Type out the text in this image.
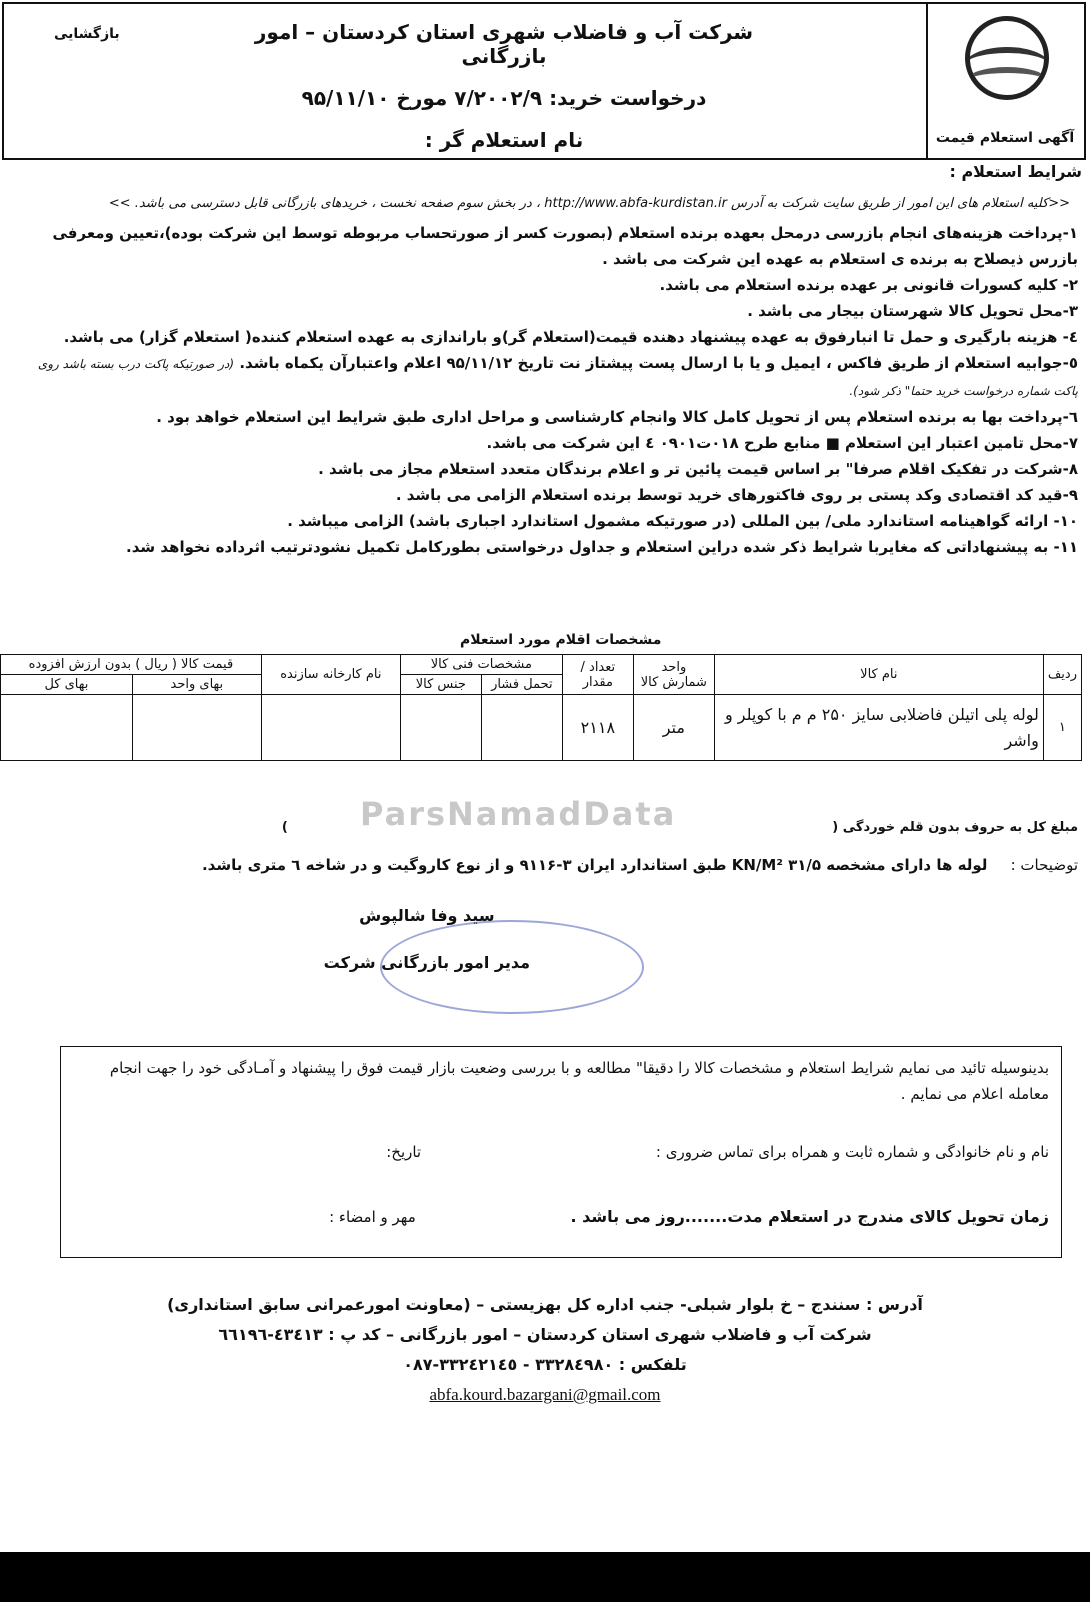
آگهی استعلام قیمت
شرکت آب و فاضلاب شهری استان کردستان – امور بازرگانی
درخواست خرید: ۷/۲۰۰۲/۹ مورخ ۹۵/۱۱/۱۰
نام استعلام گر :
بازگشایی
شرایط استعلام :
<<کلیه استعلام های این امور از طریق سایت شرکت به آدرس http://www.abfa-kurdistan.ir ، در بخش سوم صفحه نخست ، خریدهای بازرگانی قابل دسترسی می باشد. >>

۱-پرداخت هزینه‌های انجام بازرسی درمحل بعهده برنده استعلام (بصورت کسر از صورتحساب مربوطه توسط این شرکت بوده)،تعیین ومعرفی بازرس ذیصلاح به برنده ی استعلام به عهده این شرکت می باشد .

۲- کلیه کسورات قانونی بر عهده برنده استعلام می باشد.

۳-محل تحویل کالا شهرستان بیجار می باشد .

٤- هزینه بارگیری و حمل تا انبارفوق به عهده پیشنهاد دهنده قیمت(استعلام گر)و باراندازی به عهده استعلام کننده( استعلام گزار) می باشد.

٥-جوابیه استعلام از طریق فاکس ، ایمیل و یا با ارسال پست پیشتاز نت تاریخ ۹۵/۱۱/۱۲ اعلام واعتبارآن یکماه باشد. (در صورتیکه پاکت درب بسته باشد روی پاکت شماره درخواست خرید حتما" ذکر شود).

٦-پرداخت بها به برنده استعلام پس از تحویل کامل کالا وانجام کارشناسی و مراحل اداری طبق شرایط این استعلام خواهد بود .

٧-محل تامین اعتبار این استعلام ■ منابع طرح ۰۱۸ت۰۹۰۱ ٤ این شرکت می باشد.

٨-شرکت در تفکیک اقلام صرفا" بر اساس قیمت پائین تر و اعلام برندگان متعدد استعلام مجاز می باشد .

٩-قید کد اقتصادی وکد پستی بر روی فاکتورهای خرید توسط برنده استعلام الزامی می باشد .

١٠- ارائه گواهینامه استاندارد ملی/ بین المللی (در صورتیکه مشمول استاندارد اجباری باشد) الزامی میباشد .

١١- به پیشنهاداتی که مغایربا شرایط ذکر شده دراین استعلام و جداول درخواستی بطورکامل تکمیل نشودترتیب اثرداده نخواهد شد.

مشخصات اقلام مورد استعلام
ردیف	نام کالا	واحد شمارش کالا	تعداد / مقدار	مشخصات فنی کالا		نام کارخانه سازنده	قیمت کالا ( ریال ) بدون ارزش افزوده	
				تحمل فشار	جنس کالا		بهای واحد	بهای کل
١	لوله پلی اتیلن فاضلابی سایز ۲۵۰ م م با کوپلر و واشر	متر	۲۱۱۸					
مبلغ کل به حروف بدون قلم خوردگی ( )
توضیحات : لوله ها دارای مشخصه KN/M² ۳۱/۵ طبق استاندارد ایران ۳-۹۱۱۶ و از نوع کاروگیت و در شاخه ٦ متری باشد.
ParsNamadData
سید وفا شالپوش
مدیر امور بازرگانی شرکت

بدینوسیله تائید می نمایم شرایط استعلام و مشخصات کالا را دقیقا" مطالعه و با بررسی وضعیت بازار قیمت فوق را پیشنهاد و آمـادگی خود را جهت انجام معامله اعلام می نمایم .

نام و نام خانوادگی و شماره ثابت و همراه برای تماس ضروری : تاریخ:
زمان تحویل کالای مندرج در استعلام مدت.......روز می باشد . مهر و امضاء :
آدرس : سنندج – خ بلوار شبلی- جنب اداره کل بهزیستی – (معاونت امورعمرانی سابق استانداری)
شرکت آب و فاضلاب شهری استان کردستان – امور بازرگانی – کد پ : ٤٣٤١٣-٦٦١٩٦
تلفکس : ۳۳۲۸٤۹۸۰ - ۳۳۲٤۲۱٤٥-۰۸۷
abfa.kourd.bazargani@gmail.com
